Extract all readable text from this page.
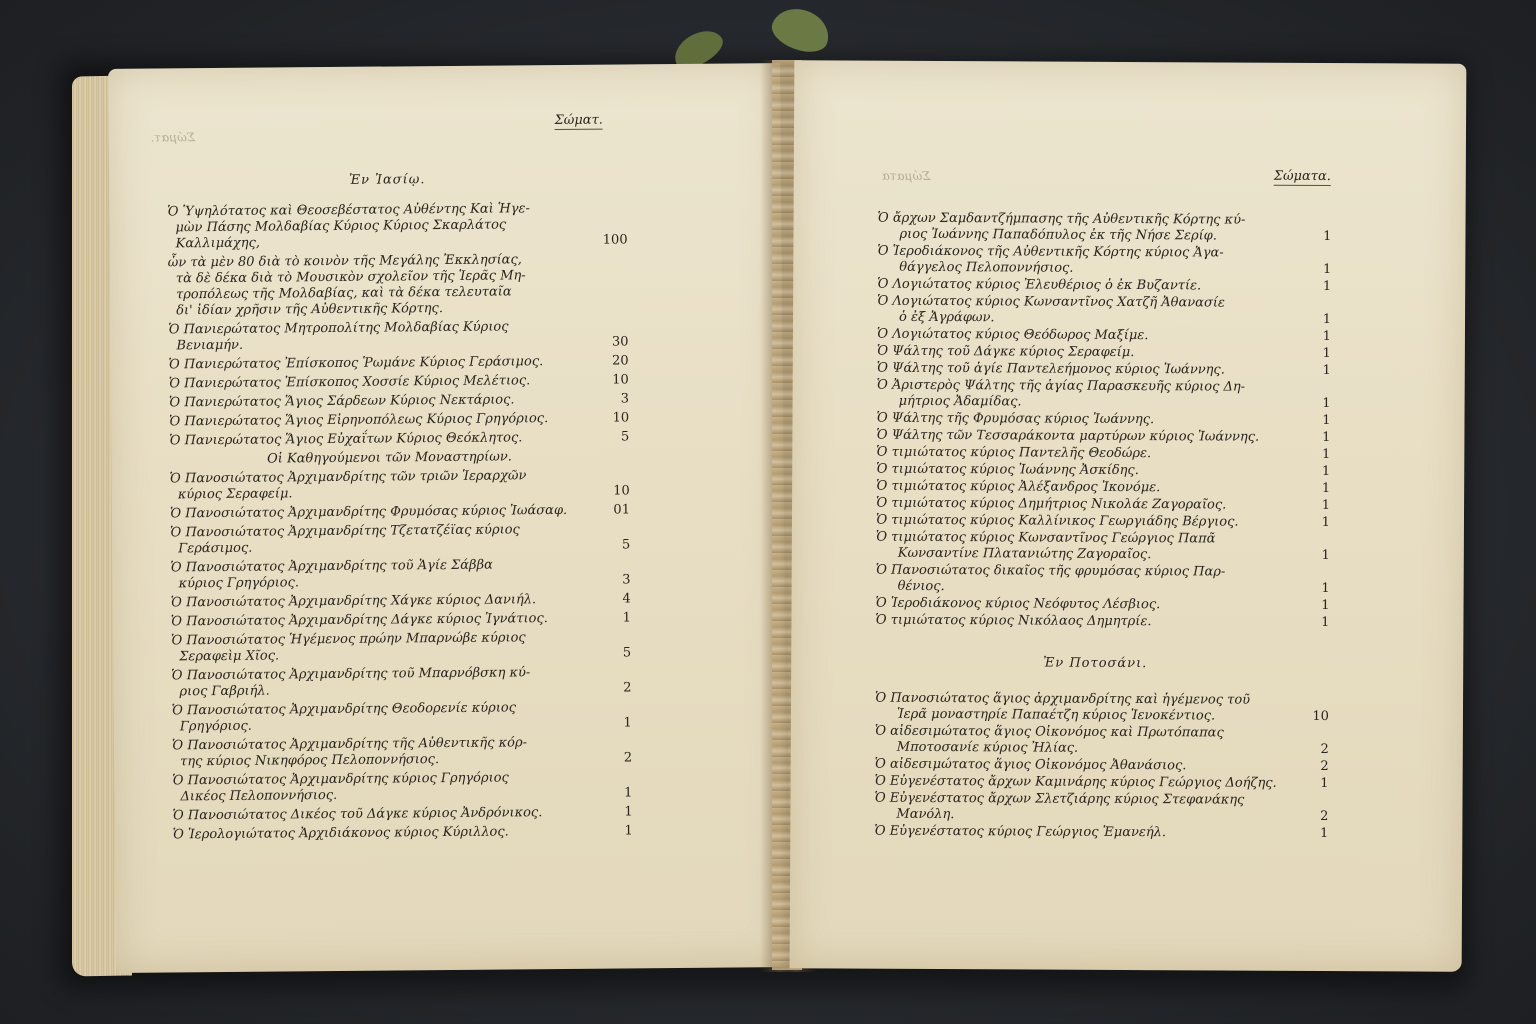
Σώματ.
Σώματ.
Ἐν Ἰασίῳ.
Ὁ Ὑψηλότατος καὶ Θεοσεβέστατος Αὐθέντης Καὶ Ἡγε-
μὼν Πάσης Μολδαβίας Κύριος Κύριος Σκαρλάτος
Καλλιμάχης,	100
ὧν τὰ μὲν 80 διὰ τὸ κοινὸν τῆς Μεγάλης Ἐκκλησίας,
τὰ δὲ δέκα διὰ τὸ Μουσικὸν σχολεῖον τῆς Ἱερᾶς Μη-
τροπόλεως τῆς Μολδαβίας, καὶ τὰ δέκα τελευταῖα
δι' ἰδίαν χρῆσιν τῆς Αὐθεντικῆς Κόρτης.
Ὁ Πανιερώτατος Μητροπολίτης Μολδαβίας Κύριος
Βενιαμήν.	30
Ὁ Πανιερώτατος Ἐπίσκοπος Ῥωμάνε Κύριος Γεράσιμος.	20
Ὁ Πανιερώτατος Ἐπίσκοπος Χοσσίε Κύριος Μελέτιος.	10
Ὁ Πανιερώτατος Ἅγιος Σάρδεων Κύριος Νεκτάριος.	3
Ὁ Πανιερώτατος Ἅγιος Εἰρηνοπόλεως Κύριος Γρηγόριος.	10
Ὁ Πανιερώτατος Ἅγιος Εὐχαΐτων Κύριος Θεόκλητος.	5
Οἱ Καθηγούμενοι τῶν Μοναστηρίων.
Ὁ Πανοσιώτατος Ἀρχιμανδρίτης τῶν τριῶν Ἱεραρχῶν
κύριος Σεραφείμ.	10
Ὁ Πανοσιώτατος Ἀρχιμανδρίτης Φρυμόσας κύριος Ἰωάσαφ.	01
Ὁ Πανοσιώτατος Ἀρχιμανδρίτης Τζετατζέϊας κύριος
Γεράσιμος.	5
Ὁ Πανοσιώτατος Ἀρχιμανδρίτης τοῦ Ἁγίε Σάββα
κύριος Γρηγόριος.	3
Ὁ Πανοσιώτατος Ἀρχιμανδρίτης Χάγκε κύριος Δανιήλ.	4
Ὁ Πανοσιώτατος Ἀρχιμανδρίτης Δάγκε κύριος Ἰγνάτιος.	1
Ὁ Πανοσιώτατος Ἡγέμενος πρώην Μπαρνώβε κύριος
Σεραφεὶμ Χῖος.	5
Ὁ Πανοσιώτατος Ἀρχιμανδρίτης τοῦ Μπαρνόβσκη κύ-
ριος Γαβριήλ.	2
Ὁ Πανοσιώτατος Ἀρχιμανδρίτης Θεοδορενίε κύριος
Γρηγόριος.	1
Ὁ Πανοσιώτατος Ἀρχιμανδρίτης τῆς Αὐθεντικῆς κόρ-
της κύριος Νικηφόρος Πελοποννήσιος.	2
Ὁ Πανοσιώτατος Ἀρχιμανδρίτης κύριος Γρηγόριος
Δικέος Πελοποννήσιος.	1
Ὁ Πανοσιώτατος Δικέος τοῦ Δάγκε κύριος Ἀνδρόνικος.	1
Ὁ Ἱερολογιώτατος Ἀρχιδιάκονος κύριος Κύριλλος.	1
Σώματα	Σώματα.
Ὁ ἄρχων Σαμδαντζήμπασης τῆς Αὐθεντικῆς Κόρτης κύ-
ριος Ἰωάννης Παπαδόπυλος ἐκ τῆς Νήσε Σερίφ.	1
Ὁ Ἱεροδιάκονος τῆς Αὐθεντικῆς Κόρτης κύριος Ἀγα-
θάγγελος Πελοποννήσιος.	1
Ὁ Λογιώτατος κύριος Ἐλευθέριος ὁ ἐκ Βυζαντίε.	1
Ὁ Λογιώτατος κύριος Κωνσαντῖνος Χατζῆ Ἀθανασίε
ὁ ἐξ Ἀγράφων.	1
Ὁ Λογιώτατος κύριος Θεόδωρος Μαξίμε.	1
Ὁ Ψάλτης τοῦ Δάγκε κύριος Σεραφείμ.	1
Ὁ Ψάλτης τοῦ ἁγίε Παντελεήμονος κύριος Ἰωάννης.	1
Ὁ Ἀριστερὸς Ψάλτης τῆς ἁγίας Παρασκευῆς κύριος Δη-
μήτριος Ἀδαμίδας.	1
Ὁ Ψάλτης τῆς Φρυμόσας κύριος Ἰωάννης.	1
Ὁ Ψάλτης τῶν Τεσσαράκοντα μαρτύρων κύριος Ἰωάννης.	1
Ὁ τιμιώτατος κύριος Παντελῆς Θεοδώρε.	1
Ὁ τιμιώτατος κύριος Ἰωάννης Ἀσκίδης.	1
Ὁ τιμιώτατος κύριος Ἀλέξανδρος Ἰκονόμε.	1
Ὁ τιμιώτατος κύριος Δημήτριος Νικολάε Ζαγοραῖος.	1
Ὁ τιμιώτατος κύριος Καλλίνικος Γεωργιάδης Βέργιος.	1
Ὁ τιμιώτατος κύριος Κωνσαντῖνος Γεώργιος Παπᾶ
Κωνσαντίνε Πλατανιώτης Ζαγοραῖος.	1
Ὁ Πανοσιώτατος δικαῖος τῆς φρυμόσας κύριος Παρ-
θένιος.	1
Ὁ Ἱεροδιάκονος κύριος Νεόφυτος Λέσβιος.	1
Ὁ τιμιώτατος κύριος Νικόλαος Δημητρίε.	1
Ἐν Ποτοσάνι.
Ὁ Πανοσιώτατος ἅγιος ἀρχιμανδρίτης καὶ ἡγέμενος τοῦ
Ἱερᾶ μοναστηρίε Παπαέτζη κύριος Ἰενοκέντιος.	10
Ὁ αἰδεσιμώτατος ἅγιος Οἰκονόμος καὶ Πρωτόπαπας
Μποτοσανίε κύριος Ἠλίας.	2
Ὁ αἰδεσιμώτατος ἅγιος Οἰκονόμος Ἀθανάσιος.	2
Ὁ Εὐγενέστατος ἄρχων Καμινάρης κύριος Γεώργιος Δοήζης.	1
Ὁ Εὐγενέστατος ἄρχων Σλετζιάρης κύριος Στεφανάκης
Μανόλη.	2
Ὁ Εὐγενέστατος κύριος Γεώργιος Ἐμανεήλ.	1
